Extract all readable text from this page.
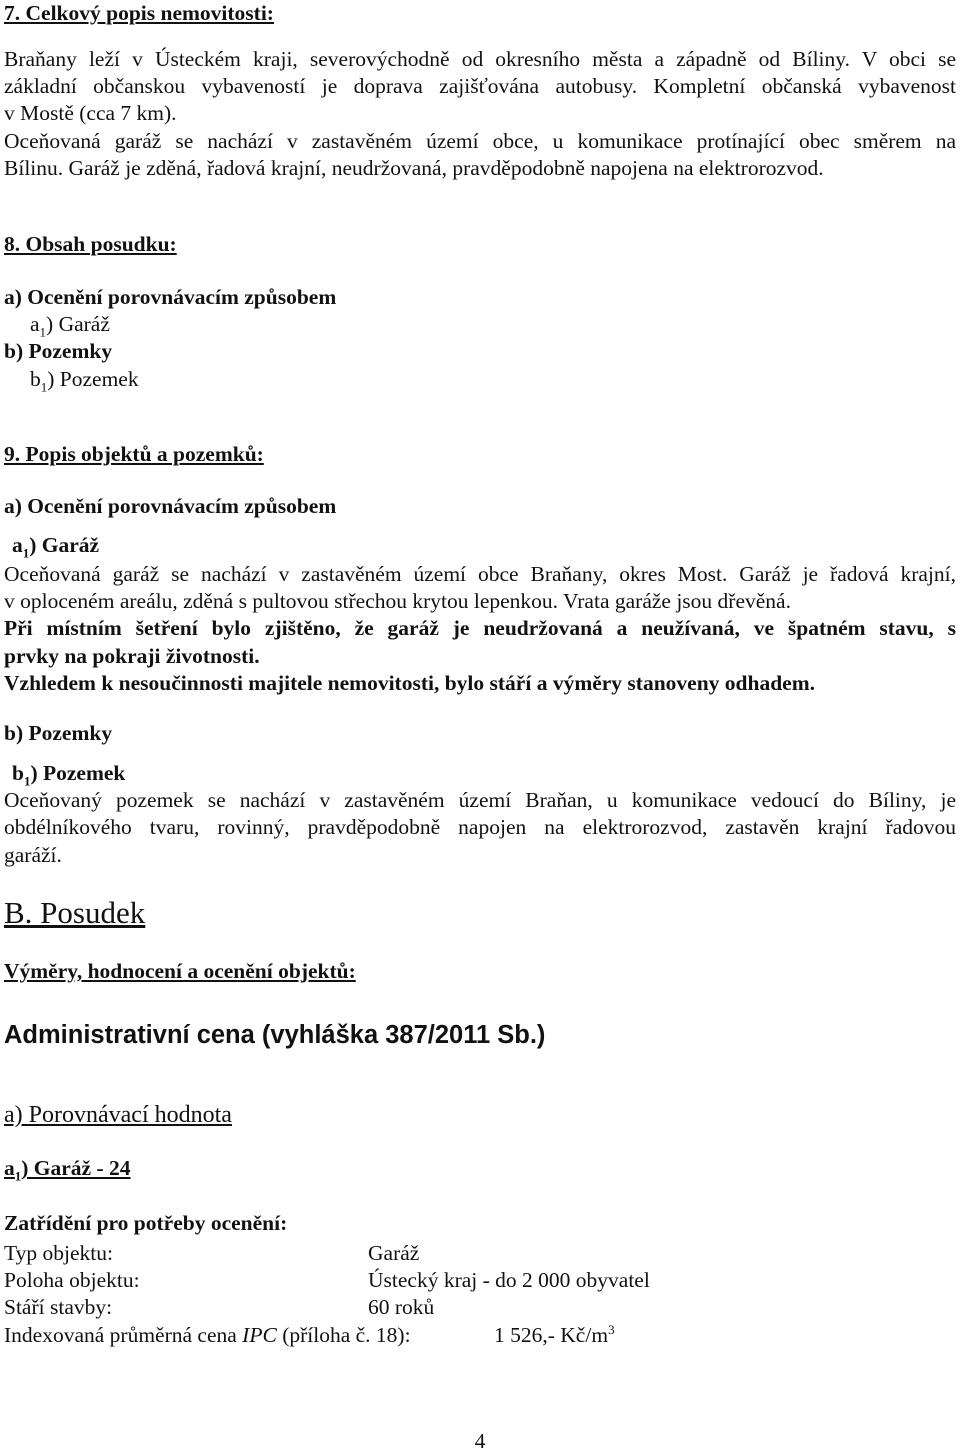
7. Celkový popis nemovitosti:
Braňany leží v Ústeckém kraji, severovýchodně od okresního města a západně od Bíliny. V obci se
základní občanskou vybaveností je doprava zajišťována autobusy. Kompletní občanská vybavenost
v Mostě (cca 7 km).
Oceňovaná garáž se nachází v zastavěném území obce, u komunikace protínající obec směrem na
Bílinu. Garáž je zděná, řadová krajní, neudržovaná, pravděpodobně napojena na elektrorozvod.
8. Obsah posudku:
a) Ocenění porovnávacím způsobem
$a_1$) Garáž
b) Pozemky
$b_1$) Pozemek
9. Popis objektů a pozemků:
a) Ocenění porovnávacím způsobem
$a_1$) Garáž
Oceňovaná garáž se nachází v zastavěném území obce Braňany, okres Most. Garáž je řadová krajní,
v oploceném areálu, zděná s pultovou střechou krytou lepenkou. Vrata garáže jsou dřevěná.
Při místním šetření bylo zjištěno, že garáž je neudržovaná a neužívaná, ve špatném stavu, s
prvky na pokraji životnosti.
Vzhledem k nesoučinnosti majitele nemovitosti, bylo stáří a výměry stanoveny odhadem.
b) Pozemky
$b_1$) Pozemek
Oceňovaný pozemek se nachází v zastavěném území Braňan, u komunikace vedoucí do Bíliny, je
obdélníkového tvaru, rovinný, pravděpodobně napojen na elektrorozvod, zastavěn krajní řadovou
garáží.
B. Posudek
Výměry, hodnocení a ocenění objektů:
Administrativní cena (vyhláška 387/2011 Sb.)
a) Porovnávací hodnota
$a_1$) Garáž - 24
Zatřídění pro potřeby ocenění:
Typ objektu:	Garáž
Poloha objektu:	Ústecký kraj - do 2 000 obyvatel
Stáří stavby:	60 roků
Indexovaná průměrná cena IPC (příloha č. 18):	1 526,- $Kč/m^3$
4
